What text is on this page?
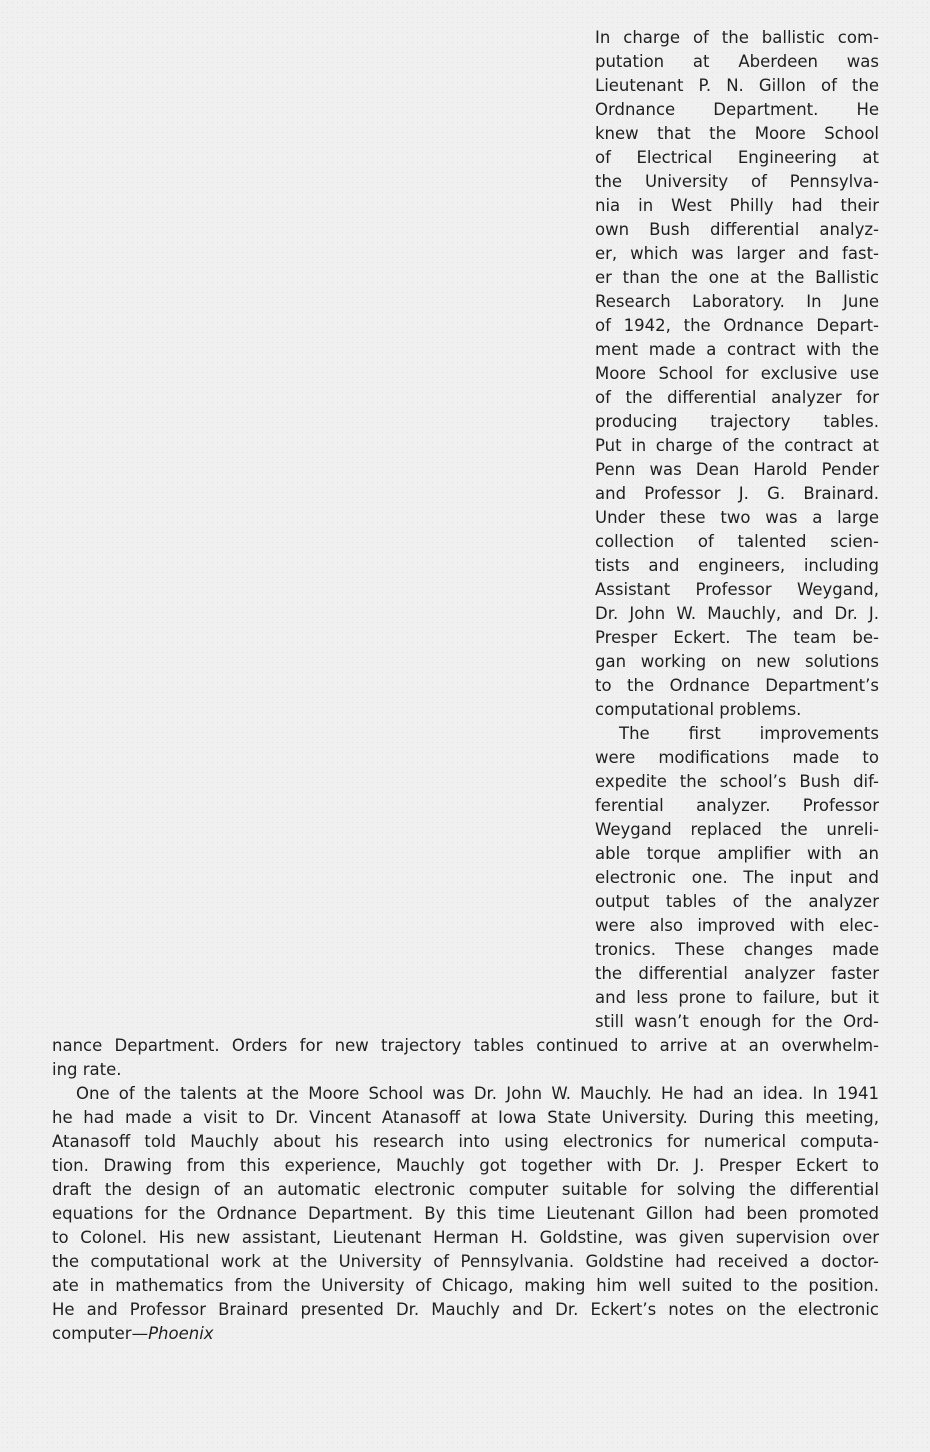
In charge of the ballistic com-
putation at Aberdeen was
Lieutenant P. N. Gillon of the
Ordnance Department. He
knew that the Moore School
of Electrical Engineering at
the University of Pennsylva-
nia in West Philly had their
own Bush differential analyz-
er, which was larger and fast-
er than the one at the Ballistic
Research Laboratory. In June
of 1942, the Ordnance Depart-
ment made a contract with the
Moore School for exclusive use
of the differential analyzer for
producing trajectory tables.
Put in charge of the contract at
Penn was Dean Harold Pender
and Professor J. G. Brainard.
Under these two was a large
collection of talented scien-
tists and engineers, including
Assistant Professor Weygand,
Dr. John W. Mauchly, and Dr. J.
Presper Eckert. The team be-
gan working on new solutions
to the Ordnance Department’s
computational problems.
The first improvements
were modifications made to
expedite the school’s Bush dif-
ferential analyzer. Professor
Weygand replaced the unreli-
able torque amplifier with an
electronic one. The input and
output tables of the analyzer
were also improved with elec-
tronics. These changes made
the differential analyzer faster
and less prone to failure, but it
still wasn’t enough for the Ord-
nance Department. Orders for new trajectory tables continued to arrive at an overwhelm-
ing rate.
One of the talents at the Moore School was Dr. John W. Mauchly. He had an idea. In 1941
he had made a visit to Dr. Vincent Atanasoff at Iowa State University. During this meeting,
Atanasoff told Mauchly about his research into using electronics for numerical computa-
tion. Drawing from this experience, Mauchly got together with Dr. J. Presper Eckert to
draft the design of an automatic electronic computer suitable for solving the differential
equations for the Ordnance Department. By this time Lieutenant Gillon had been promoted
to Colonel. His new assistant, Lieutenant Herman H. Goldstine, was given supervision over
the computational work at the University of Pennsylvania. Goldstine had received a doctor-
ate in mathematics from the University of Chicago, making him well suited to the position.
He and Professor Brainard presented Dr. Mauchly and Dr. Eckert’s notes on the electronic
computer—Phoenix
